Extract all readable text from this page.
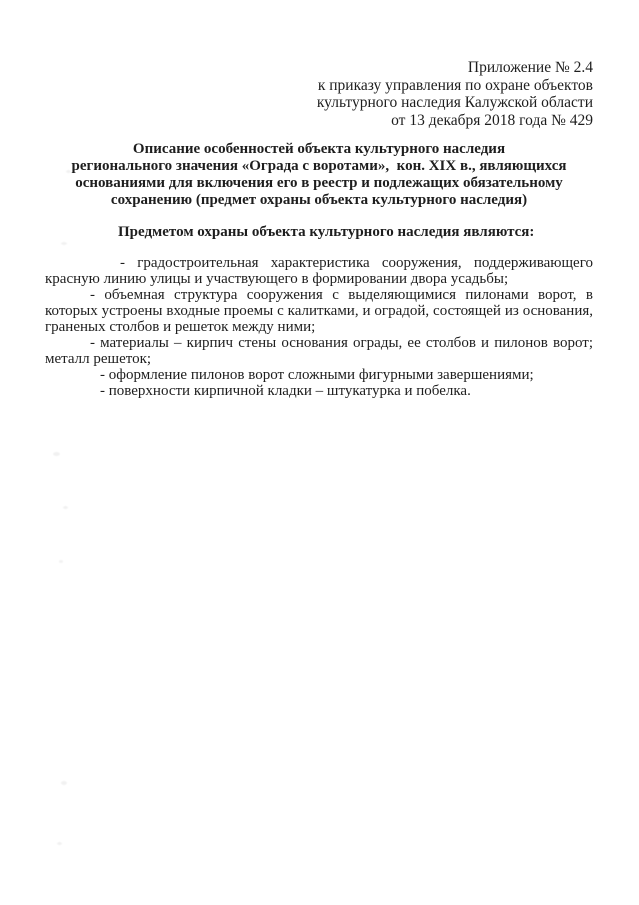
Приложение № 2.4
к приказу управления по охране объектов
культурного наследия Калужской области
от 13 декабря 2018 года № 429
Описание особенностей объекта культурного наследия
регионального значения «Ограда с воротами»,  кон. XIX в., являющихся
основаниями для включения его в реестр и подлежащих обязательному
сохранению (предмет охраны объекта культурного наследия)

Предметом охраны объекта культурного наследия являются:

- градостроительная характеристика сооружения, поддерживающего красную линию улицы и участвующего в формировании двора усадьбы;

- объемная структура сооружения с выделяющимися пилонами ворот, в которых устроены входные проемы с калитками, и оградой, состоящей из основания, граненых столбов и решеток между ними;

- материалы – кирпич стены основания ограды, ее столбов и пилонов ворот; металл решеток;

- оформление пилонов ворот сложными фигурными завершениями;

- поверхности кирпичной кладки – штукатурка и побелка.
